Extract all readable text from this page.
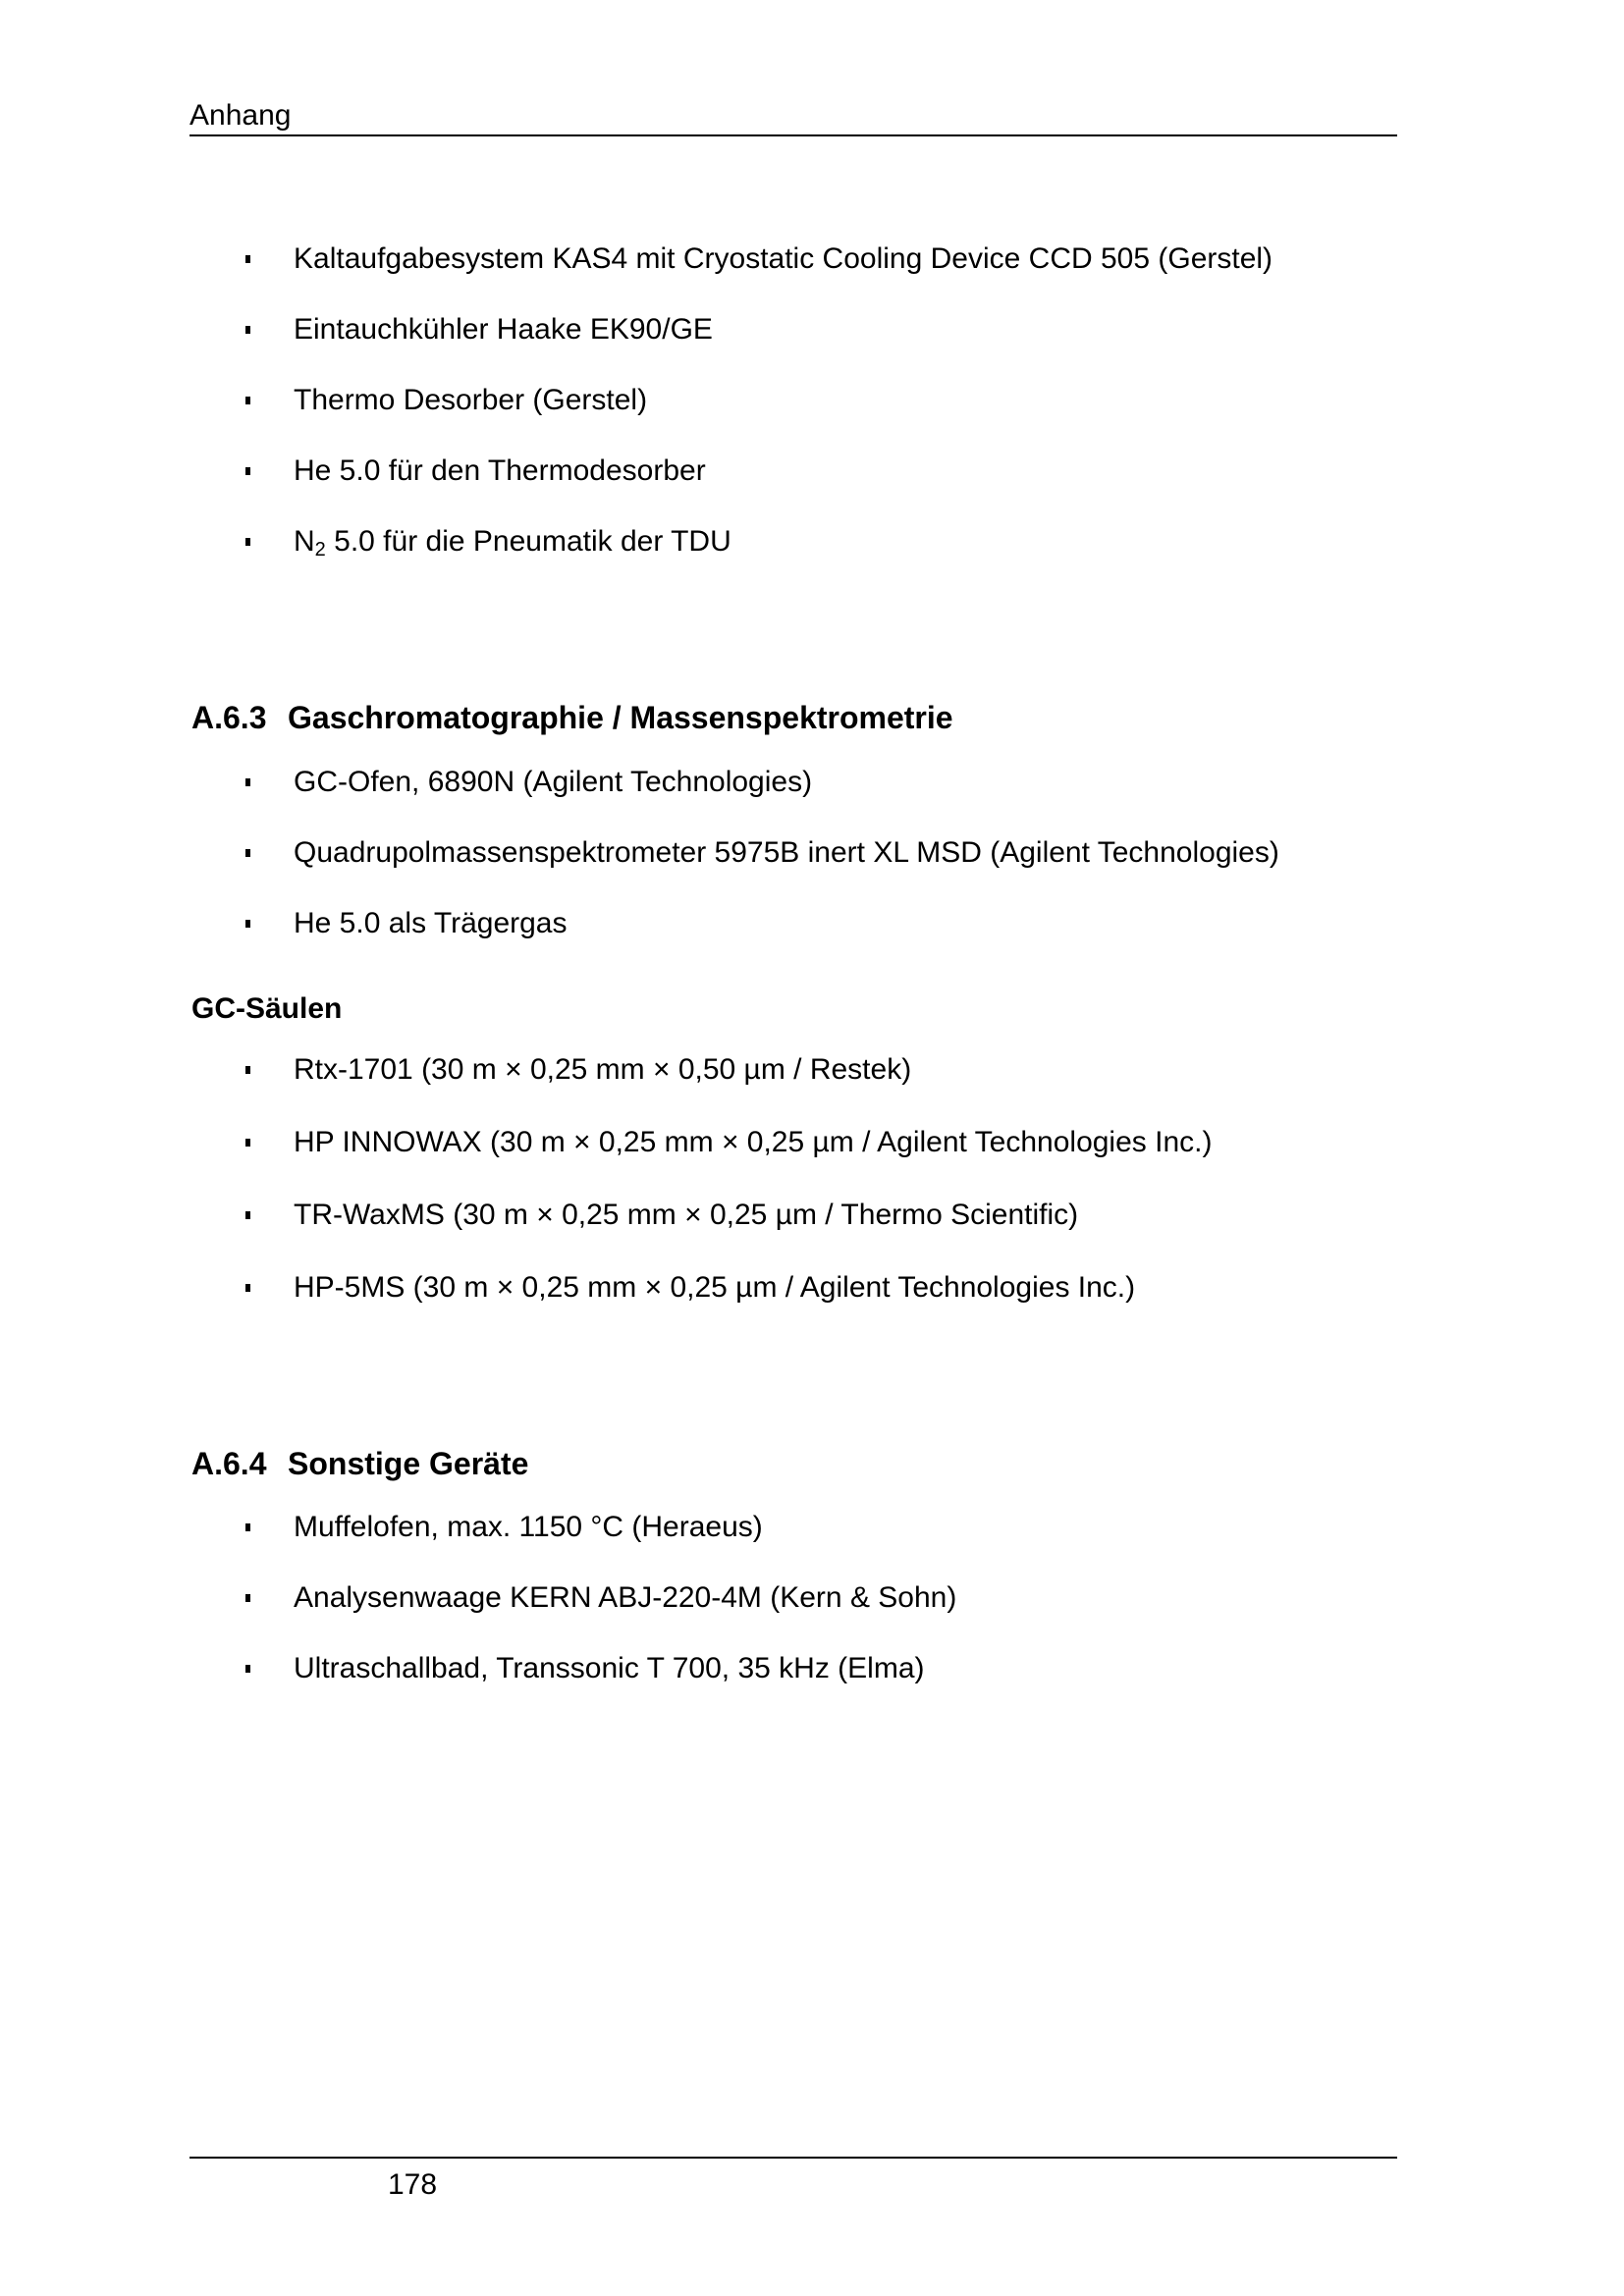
Anhang
Kaltaufgabesystem KAS4 mit Cryostatic Cooling Device CCD 505 (Gerstel)
Eintauchkühler Haake EK90/GE
Thermo Desorber (Gerstel)
He 5.0 für den Thermodesorber
$N_2$ 5.0 für die Pneumatik der TDU
A.6.3 Gaschromatographie / Massenspektrometrie
GC-Ofen, 6890N (Agilent Technologies)
Quadrupolmassenspektrometer 5975B inert XL MSD (Agilent Technologies)
He 5.0 als Trägergas
GC-Säulen
Rtx-1701 (30 m × 0,25 mm × 0,50 µm / Restek)
HP INNOWAX (30 m × 0,25 mm × 0,25 µm / Agilent Technologies Inc.)
TR-WaxMS (30 m × 0,25 mm × 0,25 µm / Thermo Scientific)
HP-5MS (30 m × 0,25 mm × 0,25 µm / Agilent Technologies Inc.)
A.6.4 Sonstige Geräte
Muffelofen, max. 1150 °C (Heraeus)
Analysenwaage KERN ABJ-220-4M (Kern & Sohn)
Ultraschallbad, Transsonic T 700, 35 kHz (Elma)
178
